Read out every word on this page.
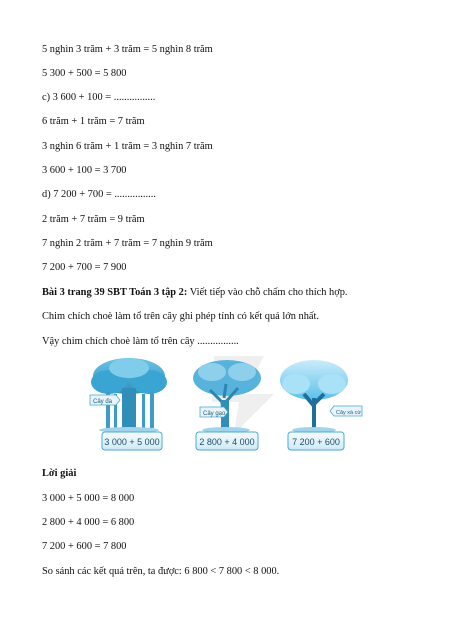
5 nghìn 3 trăm + 3 trăm = 5 nghìn 8 trăm
5 300 + 500 = 5 800
c) 3 600 + 100 = ................
6 trăm + 1 trăm = 7 trăm
3 nghìn 6 trăm + 1 trăm = 3 nghìn 7 trăm
3 600 + 100 = 3 700
d) 7 200 + 700 = ................
2 trăm + 7 trăm = 9 trăm
7 nghìn 2 trăm + 7 trăm = 7 nghìn 9 trăm
7 200 + 700 = 7 900
Bài 3 trang 39 SBT Toán 3 tập 2: Viết tiếp vào chỗ chấm cho thích hợp.
Chim chích choè làm tổ trên cây ghi phép tính có kết quả lớn nhất.
Vậy chim chích choè làm tổ trên cây ................
Cây đa
Cây gạo	Cây xà cừ
3 000 + 5 000	2 800 + 4 000	7 200 + 600
Lời giải
3 000 + 5 000 = 8 000
2 800 + 4 000 = 6 800
7 200 + 600 = 7 800
So sánh các kết quả trên, ta được: 6 800 < 7 800 < 8 000.
